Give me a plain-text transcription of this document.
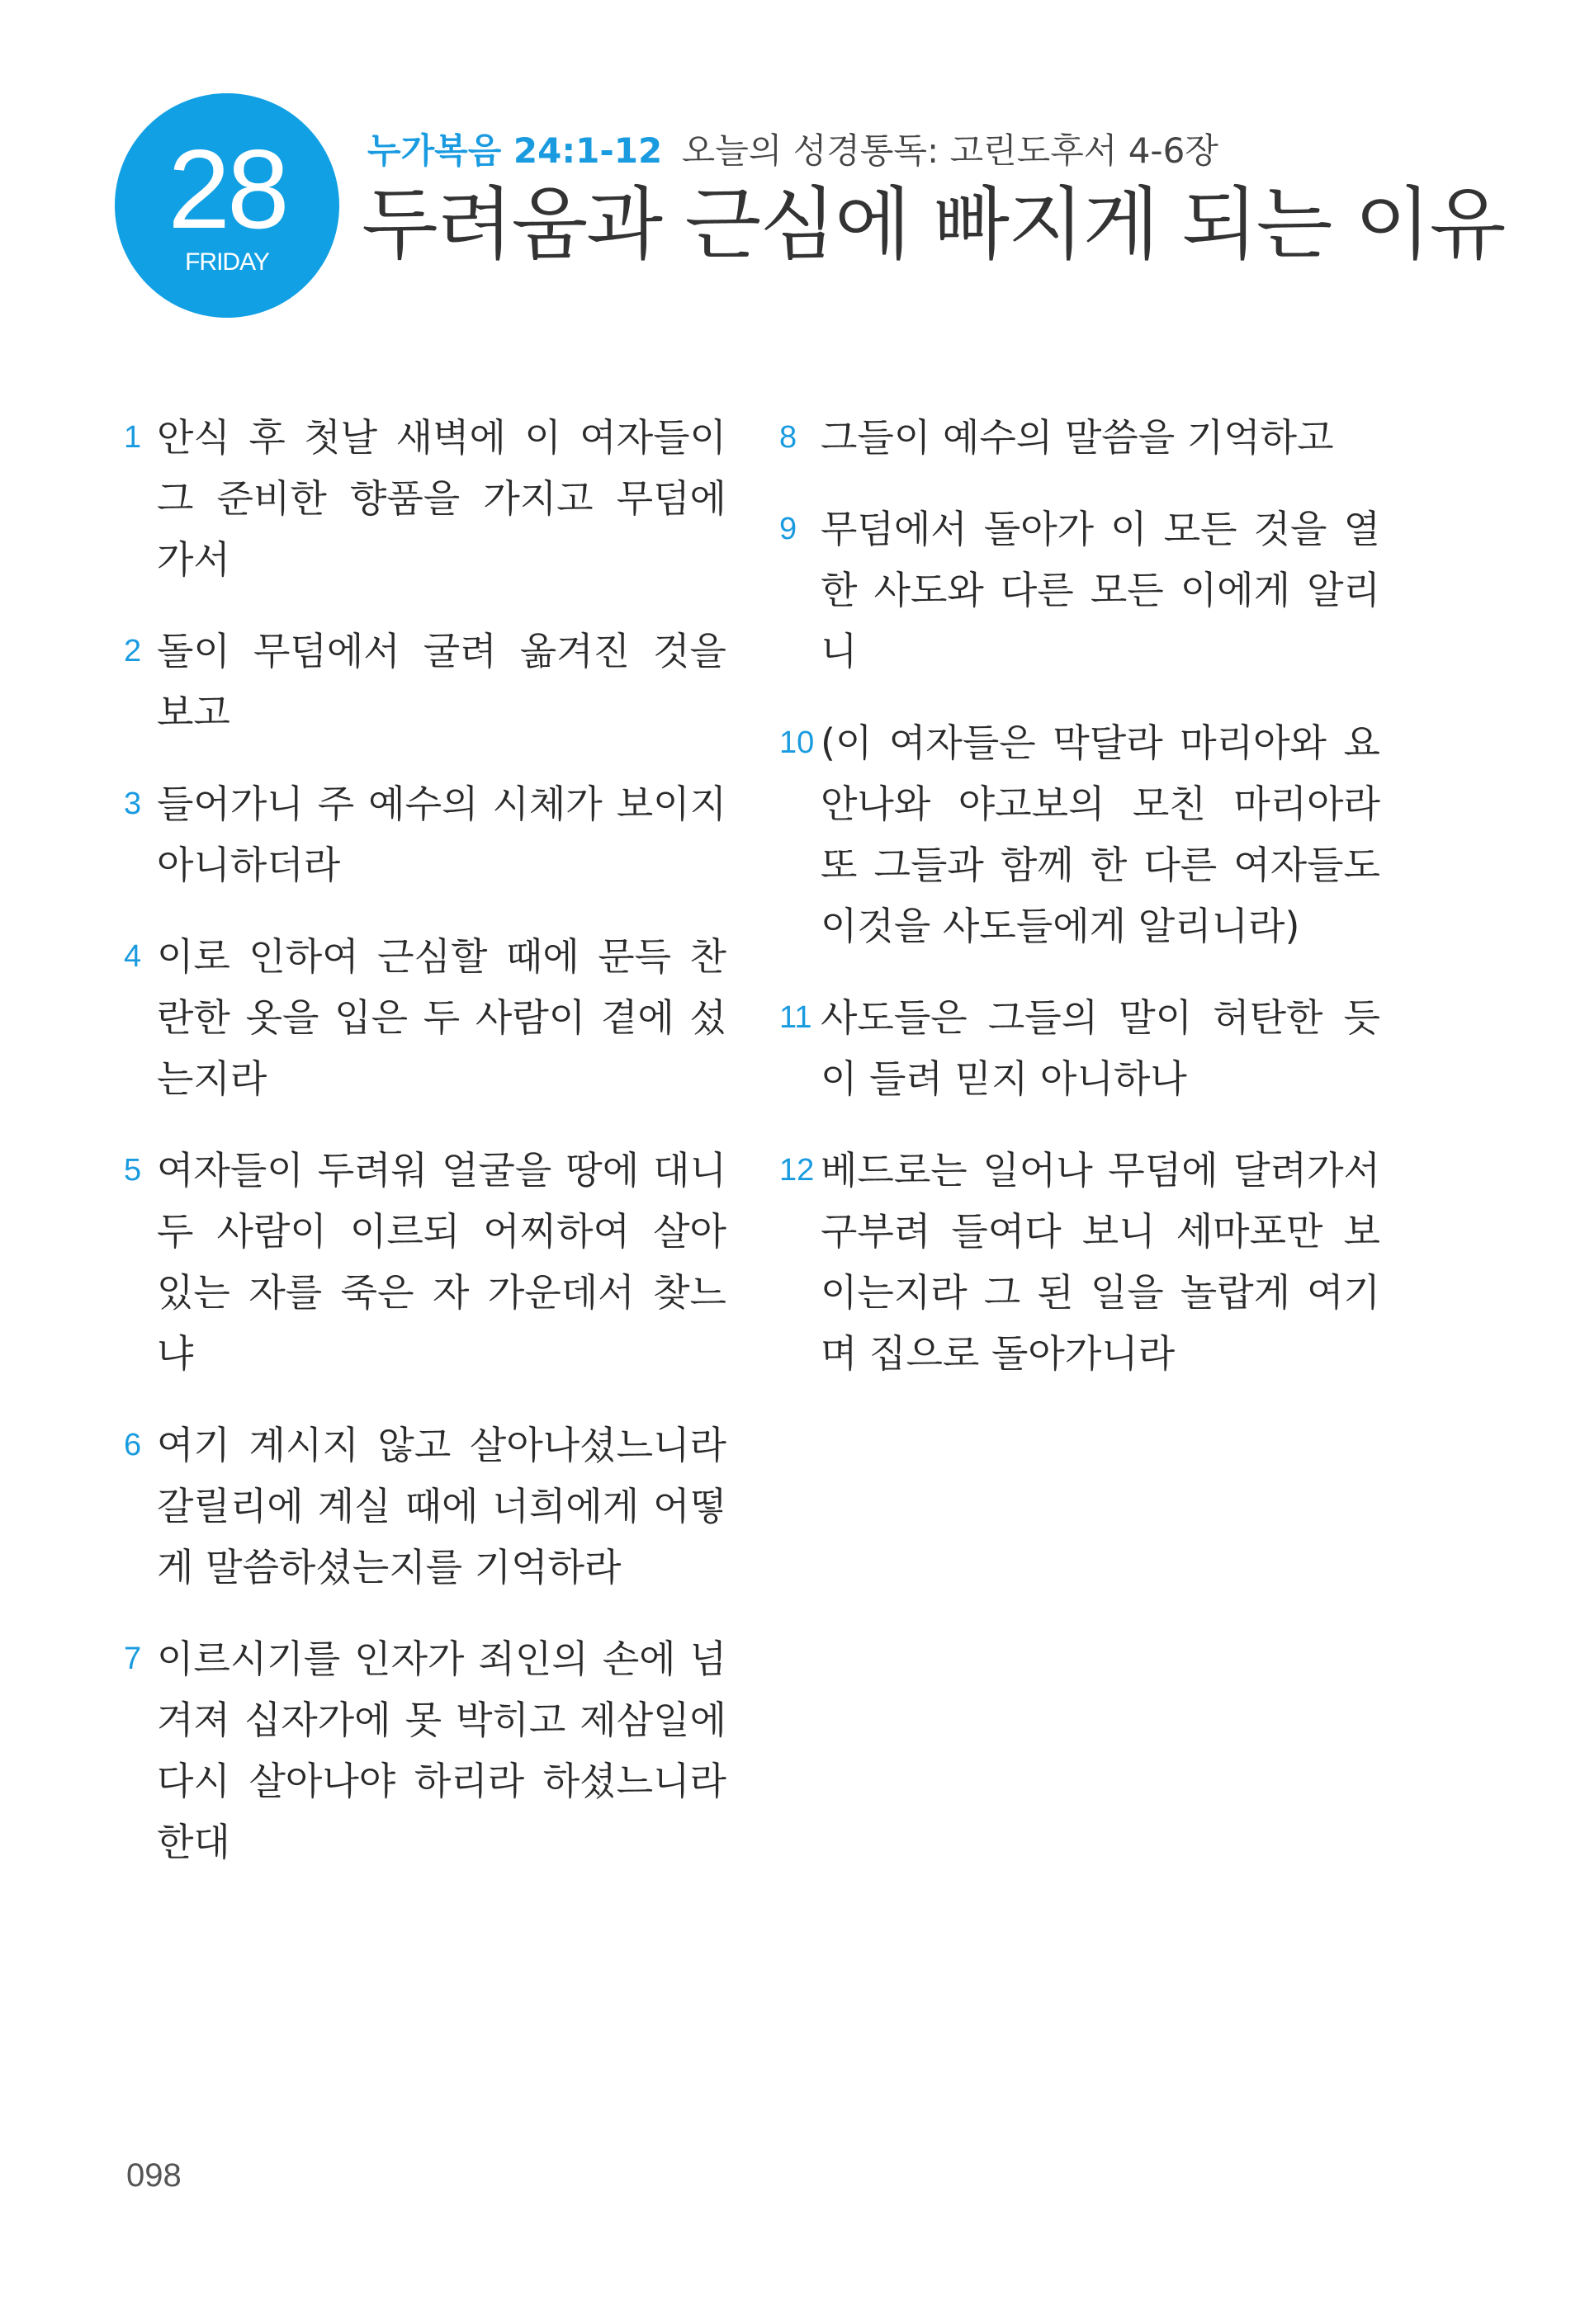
28
FRIDAY
누가복음 24:1-12 오늘의 성경통독: 고린도후서 4-6장
두려움과 근심에 빠지게 되는 이유
1 안식 후 첫날 새벽에 이 여자들이
그 준비한 향품을 가지고 무덤에
가서
2 돌이 무덤에서 굴려 옮겨진 것을
보고
3 들어가니 주 예수의 시체가 보이지
아니하더라
4 이로 인하여 근심할 때에 문득 찬
란한 옷을 입은 두 사람이 곁에 섰
는지라
5 여자들이 두려워 얼굴을 땅에 대니
두 사람이 이르되 어찌하여 살아
있는 자를 죽은 자 가운데서 찾느
냐
6 여기 계시지 않고 살아나셨느니라
갈릴리에 계실 때에 너희에게 어떻
게 말씀하셨는지를 기억하라
7 이르시기를 인자가 죄인의 손에 넘
겨져 십자가에 못 박히고 제삼일에
다시 살아나야 하리라 하셨느니라
한대
8 그들이 예수의 말씀을 기억하고
9 무덤에서 돌아가 이 모든 것을 열
한 사도와 다른 모든 이에게 알리
니
10 (이 여자들은 막달라 마리아와 요
안나와 야고보의 모친 마리아라
또 그들과 함께 한 다른 여자들도
이것을 사도들에게 알리니라)
11 사도들은 그들의 말이 허탄한 듯
이 들려 믿지 아니하나
12 베드로는 일어나 무덤에 달려가서
구부려 들여다 보니 세마포만 보
이는지라 그 된 일을 놀랍게 여기
며 집으로 돌아가니라
098
